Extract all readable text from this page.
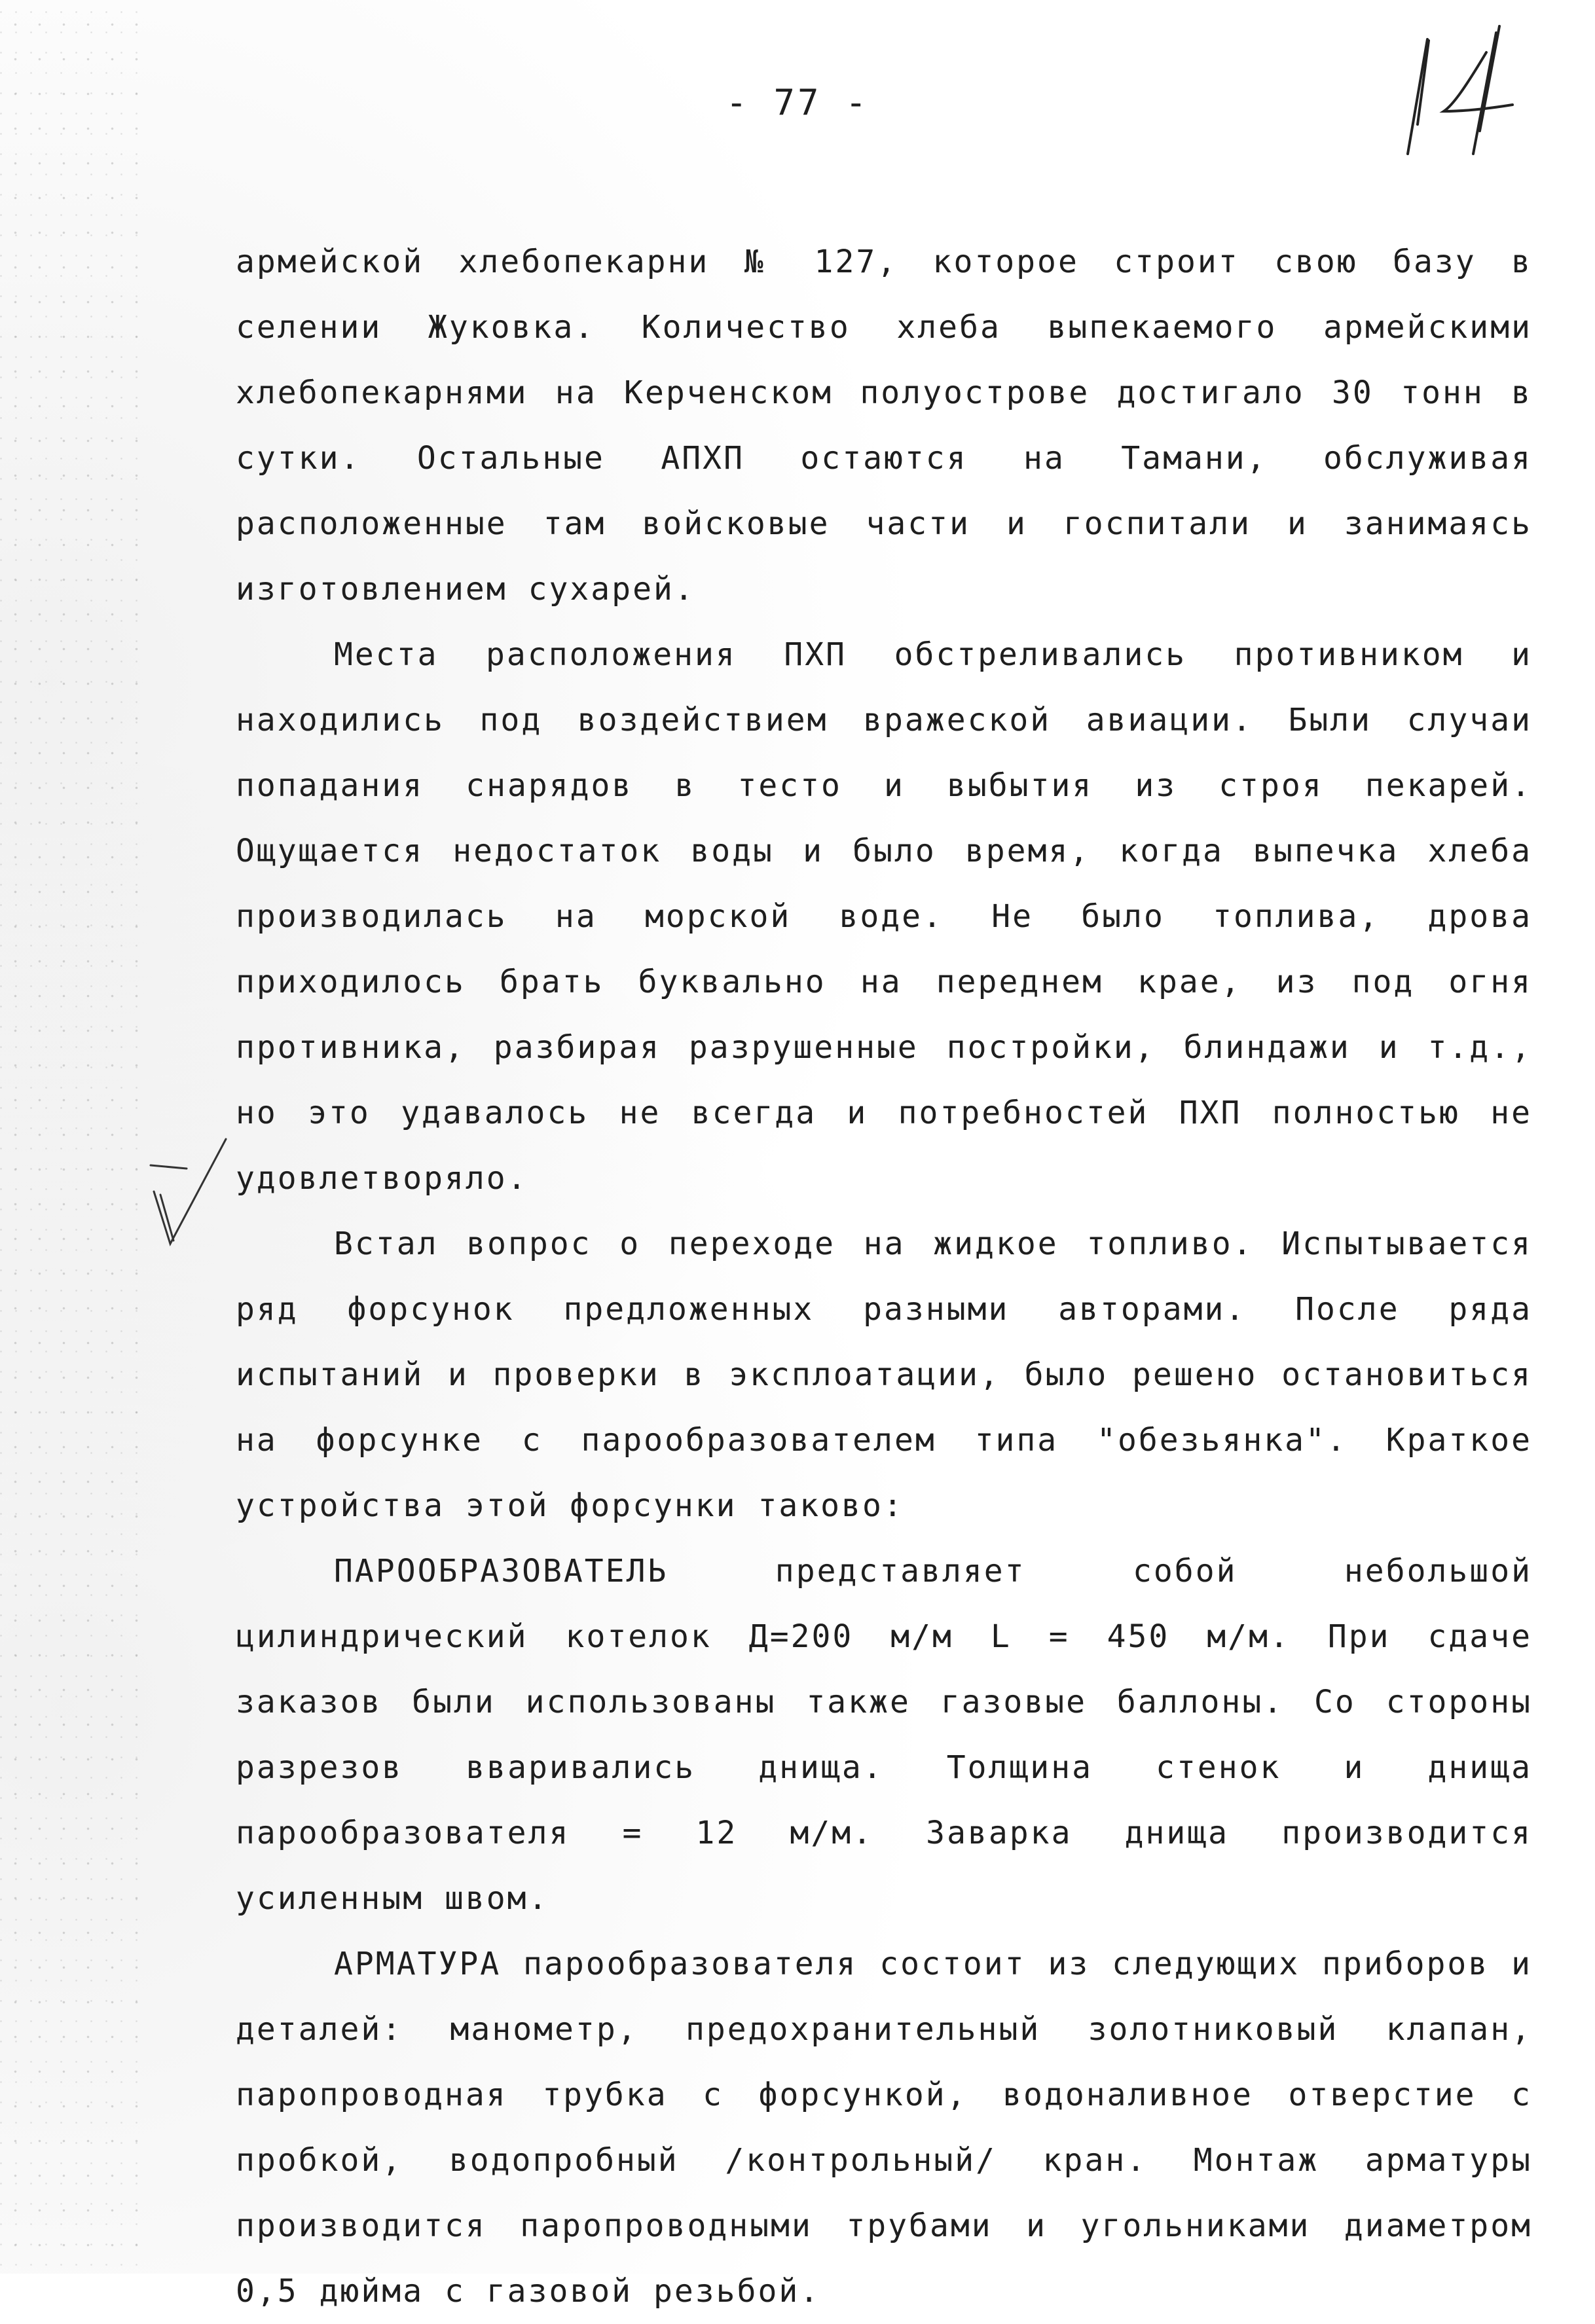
- 77 -

армейской хлебопекарни № 127, которое строит свою базу в селении Жуковка. Количество хлеба выпекаемого армейскими хлебопекарнями на Керченском полуострове достигало 30 тонн в сутки. Остальные АПХП остаются на Тамани, обслуживая расположенные там войсковые части и госпитали и занимаясь изготовлением сухарей.

Места расположения ПХП обстреливались противником и находились под воздействием вражеской авиации. Были случаи попадания снарядов в тесто и выбытия из строя пекарей. Ощущается недостаток воды и было время, когда выпечка хлеба производилась на морской воде. Не было топлива, дрова приходилось брать буквально на переднем крае, из под огня противника, разбирая разрушенные постройки, блиндажи и т.д., но это удавалось не всегда и потребностей ПХП полностью не удовлетворяло.

Встал вопрос о переходе на жидкое топливо. Испытывается ряд форсунок предложенных разными авторами. После ряда испытаний и проверки в эксплоатации, было решено остановиться на форсунке с парообразователем типа "обезьянка". Краткое устройства этой форсунки таково:

ПАРООБРАЗОВАТЕЛЬ представляет собой небольшой цилиндрический котелок Д=200 м/м L = 450 м/м. При сдаче заказов были использованы также газовые баллоны. Со стороны разрезов вваривались днища. Толщина стенок и днища парообразователя = 12 м/м. Заварка днища производится усиленным швом.

АРМАТУРА парообразователя состоит из следующих приборов и деталей: манометр, предохранительный золотниковый клапан, паропроводная трубка с форсункой, водоналивное отверстие с пробкой, водопробный /контрольный/ кран. Монтаж арматуры производится паропроводными трубами и угольниками диаметром 0,5 дюйма с газовой резьбой.
